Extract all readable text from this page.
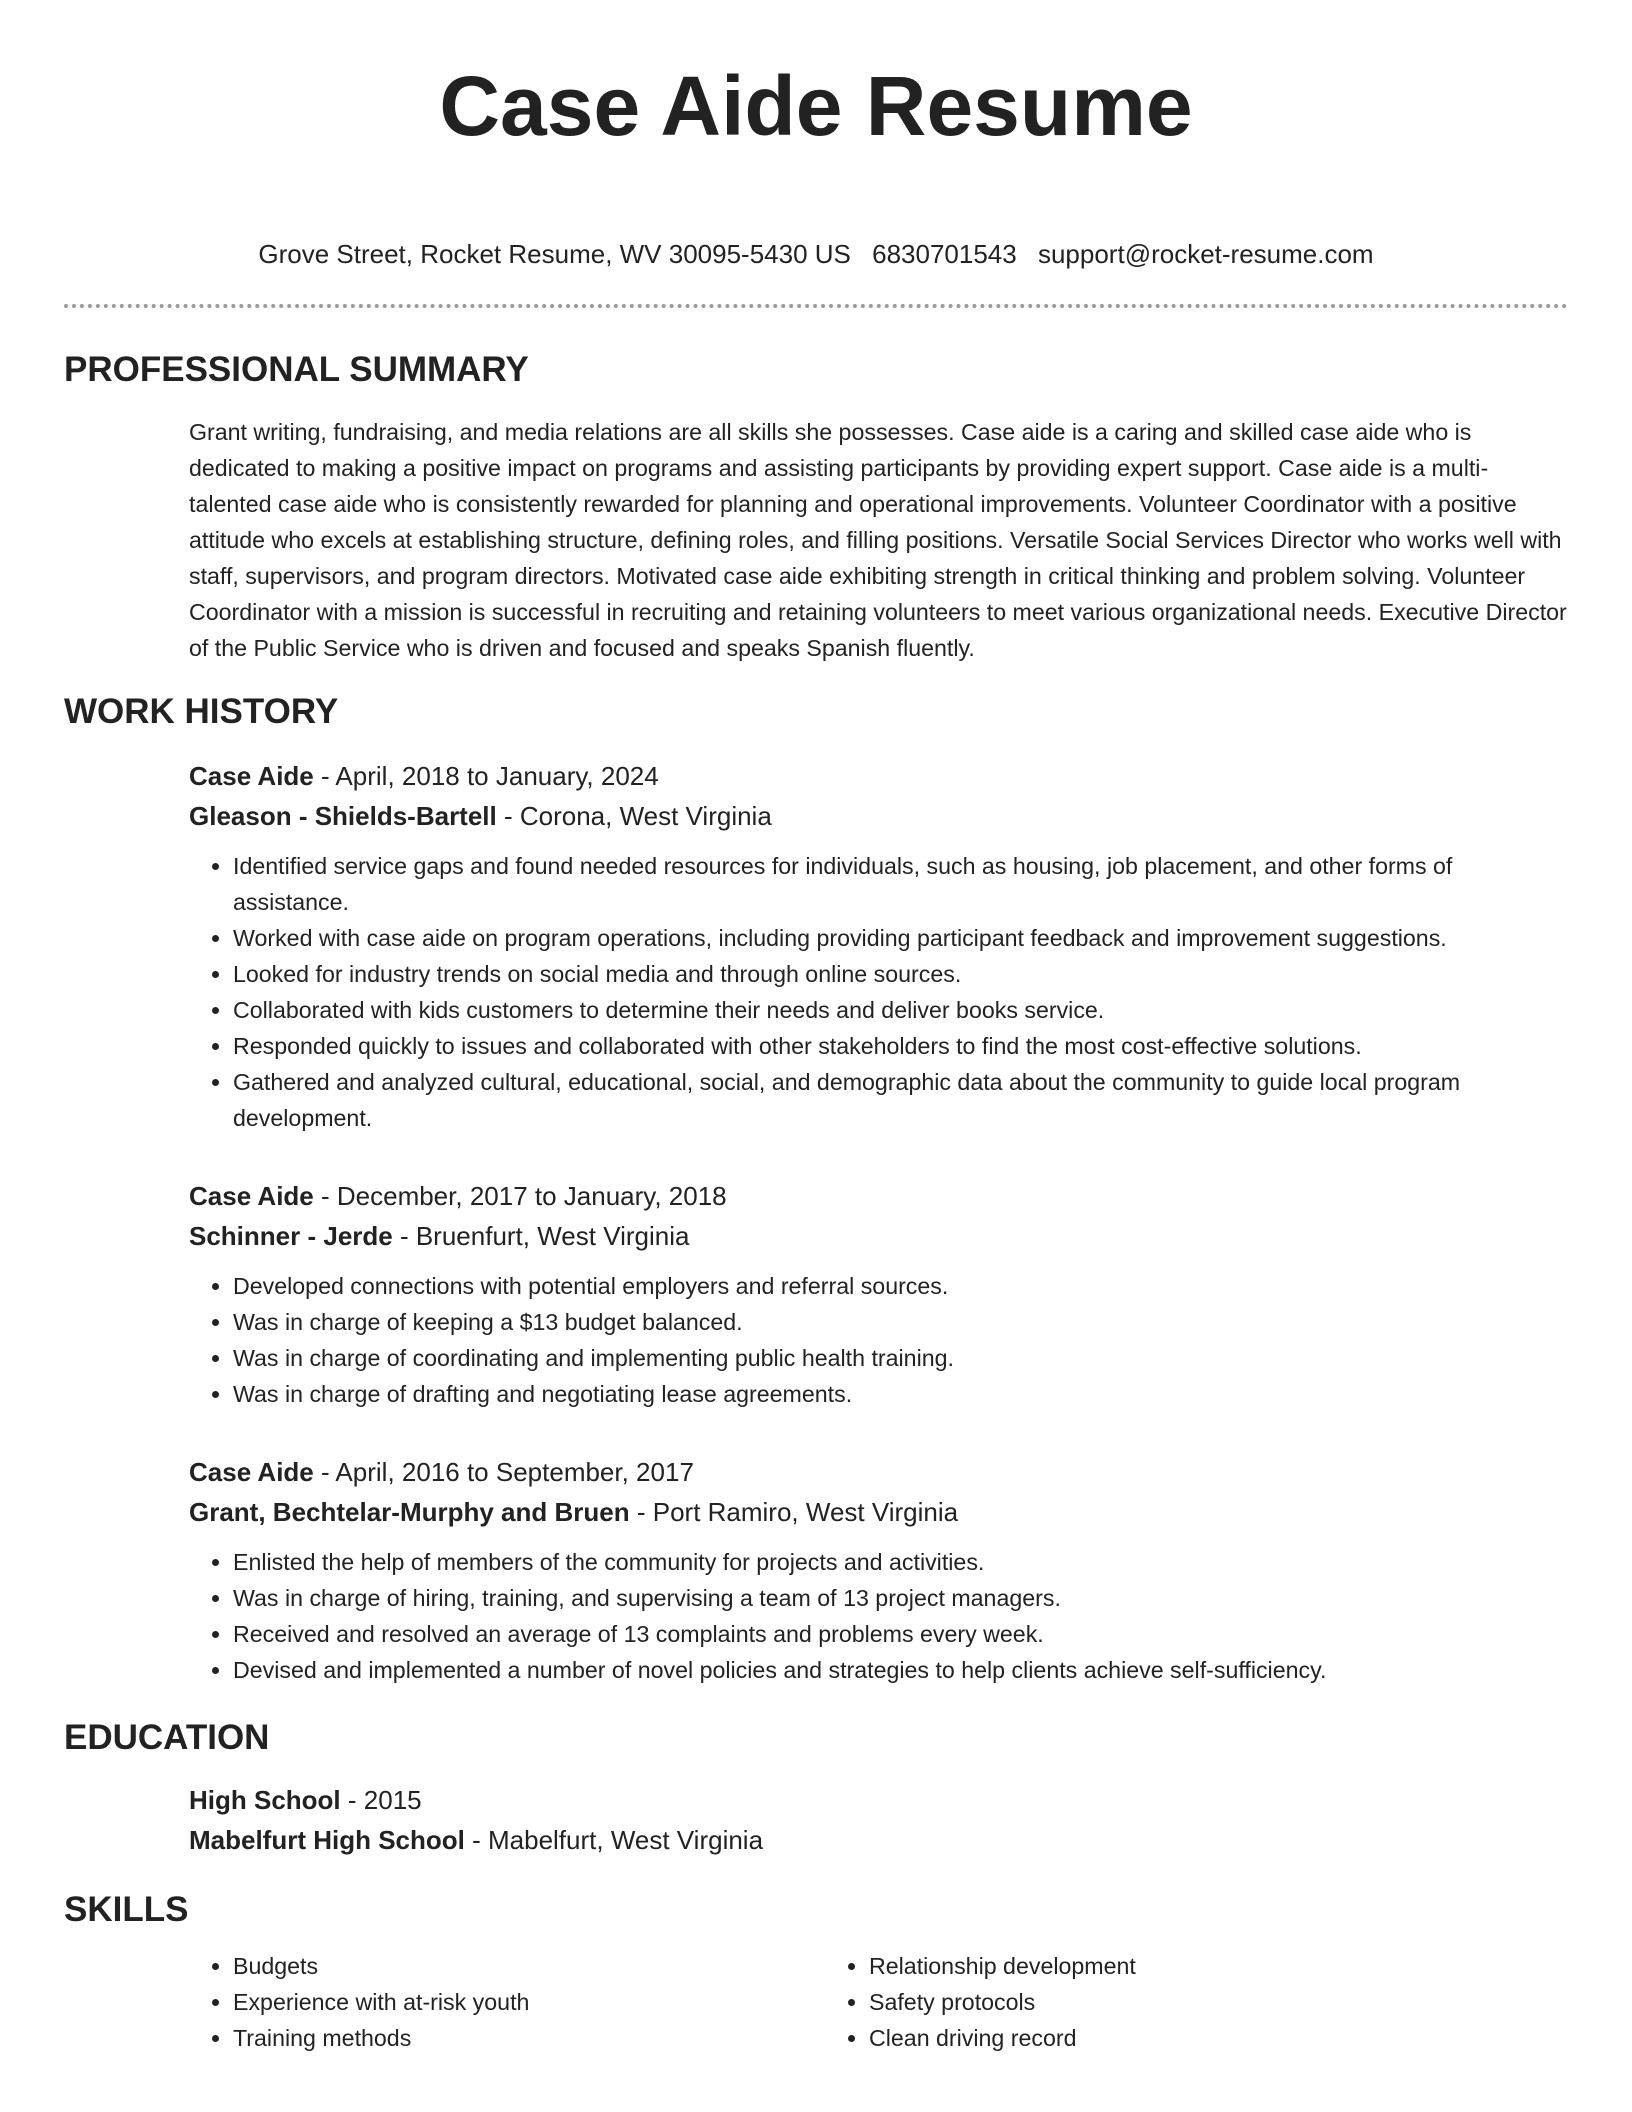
Case Aide Resume
Grove Street, Rocket Resume, WV 30095-5430 US 6830701543 support@rocket-resume.com
PROFESSIONAL SUMMARY
Grant writing, fundraising, and media relations are all skills she possesses. Case aide is a caring and skilled case aide who is dedicated to making a positive impact on programs and assisting participants by providing expert support. Case aide is a multi-talented case aide who is consistently rewarded for planning and operational improvements. Volunteer Coordinator with a positive attitude who excels at establishing structure, defining roles, and filling positions. Versatile Social Services Director who works well with staff, supervisors, and program directors. Motivated case aide exhibiting strength in critical thinking and problem solving. Volunteer Coordinator with a mission is successful in recruiting and retaining volunteers to meet various organizational needs. Executive Director of the Public Service who is driven and focused and speaks Spanish fluently.
WORK HISTORY
Case Aide - April, 2018 to January, 2024
Gleason - Shields-Bartell - Corona, West Virginia
• Identified service gaps and found needed resources for individuals, such as housing, job placement, and other forms of assistance.
• Worked with case aide on program operations, including providing participant feedback and improvement suggestions.
• Looked for industry trends on social media and through online sources.
• Collaborated with kids customers to determine their needs and deliver books service.
• Responded quickly to issues and collaborated with other stakeholders to find the most cost-effective solutions.
• Gathered and analyzed cultural, educational, social, and demographic data about the community to guide local program development.
Case Aide - December, 2017 to January, 2018
Schinner - Jerde - Bruenfurt, West Virginia
• Developed connections with potential employers and referral sources.
• Was in charge of keeping a $13 budget balanced.
• Was in charge of coordinating and implementing public health training.
• Was in charge of drafting and negotiating lease agreements.
Case Aide - April, 2016 to September, 2017
Grant, Bechtelar-Murphy and Bruen - Port Ramiro, West Virginia
• Enlisted the help of members of the community for projects and activities.
• Was in charge of hiring, training, and supervising a team of 13 project managers.
• Received and resolved an average of 13 complaints and problems every week.
• Devised and implemented a number of novel policies and strategies to help clients achieve self-sufficiency.
EDUCATION
High School - 2015
Mabelfurt High School - Mabelfurt, West Virginia
SKILLS
• Budgets
• Experience with at-risk youth
• Training methods
• Relationship development
• Safety protocols
• Clean driving record
